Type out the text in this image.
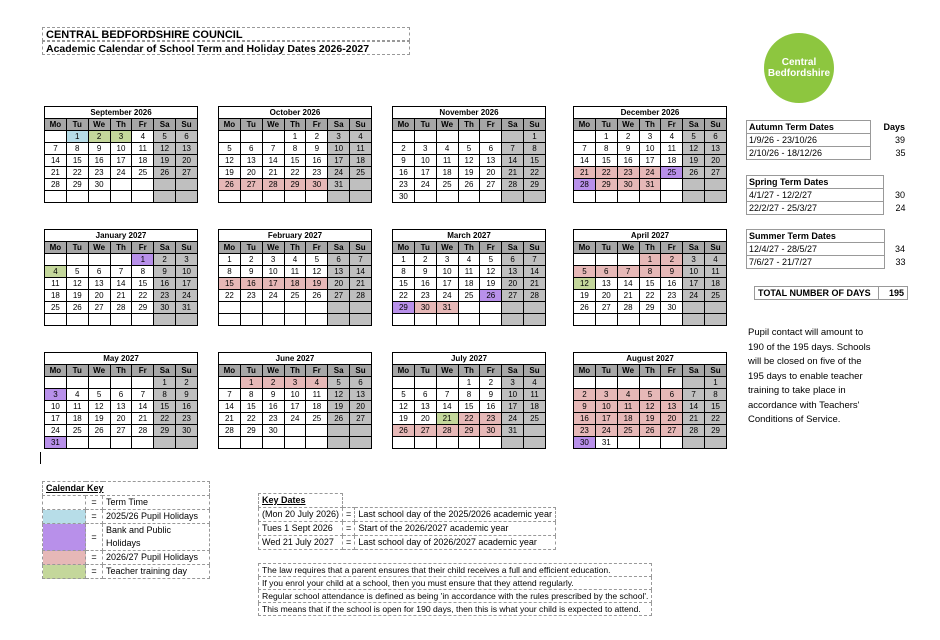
CENTRAL BEDFORDSHIRE COUNCIL
Academic Calendar of School Term and Holiday Dates 2026-2027
Central
Bedfordshire
September 2026						
Mo	Tu	We	Th	Fr	Sa	Su
	1	2	3	4	5	6
7	8	9	10	11	12	13
14	15	16	17	18	19	20
21	22	23	24	25	26	27
28	29	30				

October 2026						
Mo	Tu	We	Th	Fr	Sa	Su
			1	2	3	4
5	6	7	8	9	10	11
12	13	14	15	16	17	18
19	20	21	22	23	24	25
26	27	28	29	30	31	

November 2026						
Mo	Tu	We	Th	Fr	Sa	Su
						1
2	3	4	5	6	7	8
9	10	11	12	13	14	15
16	17	18	19	20	21	22
23	24	25	26	27	28	29
30						
December 2026						
Mo	Tu	We	Th	Fr	Sa	Su
	1	2	3	4	5	6
7	8	9	10	11	12	13
14	15	16	17	18	19	20
21	22	23	24	25	26	27
28	29	30	31			

January 2027						
Mo	Tu	We	Th	Fr	Sa	Su
				1	2	3
4	5	6	7	8	9	10
11	12	13	14	15	16	17
18	19	20	21	22	23	24
25	26	27	28	29	30	31

February 2027						
Mo	Tu	We	Th	Fr	Sa	Su
1	2	3	4	5	6	7
8	9	10	11	12	13	14
15	16	17	18	19	20	21
22	23	24	25	26	27	28

March 2027						
Mo	Tu	We	Th	Fr	Sa	Su
1	2	3	4	5	6	7
8	9	10	11	12	13	14
15	16	17	18	19	20	21
22	23	24	25	26	27	28
29	30	31				

April 2027						
Mo	Tu	We	Th	Fr	Sa	Su
			1	2	3	4
5	6	7	8	9	10	11
12	13	14	15	16	17	18
19	20	21	22	23	24	25
26	27	28	29	30		

May 2027						
Mo	Tu	We	Th	Fr	Sa	Su
					1	2
3	4	5	6	7	8	9
10	11	12	13	14	15	16
17	18	19	20	21	22	23
24	25	26	27	28	29	30
31						
June 2027						
Mo	Tu	We	Th	Fr	Sa	Su
	1	2	3	4	5	6
7	8	9	10	11	12	13
14	15	16	17	18	19	20
21	22	23	24	25	26	27
28	29	30				

July 2027						
Mo	Tu	We	Th	Fr	Sa	Su
			1	2	3	4
5	6	7	8	9	10	11
12	13	14	15	16	17	18
19	20	21	22	23	24	25
26	27	28	29	30	31	

August 2027						
Mo	Tu	We	Th	Fr	Sa	Su
						1
2	3	4	5	6	7	8
9	10	11	12	13	14	15
16	17	18	19	20	21	22
23	24	25	26	27	28	29
30	31					
Autumn Term Dates	Days
1/9/26 - 23/10/26	39
2/10/26 - 18/12/26	35
Spring Term Dates	
4/1/27 - 12/2/27	30
22/2/27 - 25/3/27	24
Summer Term Dates	
12/4/27 - 28/5/27	34
7/6/27 - 21/7/27	33
TOTAL NUMBER OF DAYS	195
Pupil contact will amount to 190 of the 195 days. Schools will be closed on five of the 195 days to enable teacher training to take place in accordance with Teachers' Conditions of Service.
Calendar Key		
	=	Term Time
	=	2025/26 Pupil Holidays
	=	Bank and Public Holidays
	=	2026/27 Pupil Holidays
	=	Teacher training day
Key Dates		
(Mon 20 July 2026)	=	Last school day of the 2025/2026 academic year
Tues 1 Sept 2026	=	Start of the 2026/2027 academic year
Wed 21 July 2027	=	Last school day of 2026/2027 academic year
The law requires that a parent ensures that their child receives a full and efficient education.
If you enrol your child at a school, then you must ensure that they attend regularly.
Regular school attendance is defined as being 'in accordance with the rules prescribed by the school'.
This means that if the school is open for 190 days, then this is what your child is expected to attend.
